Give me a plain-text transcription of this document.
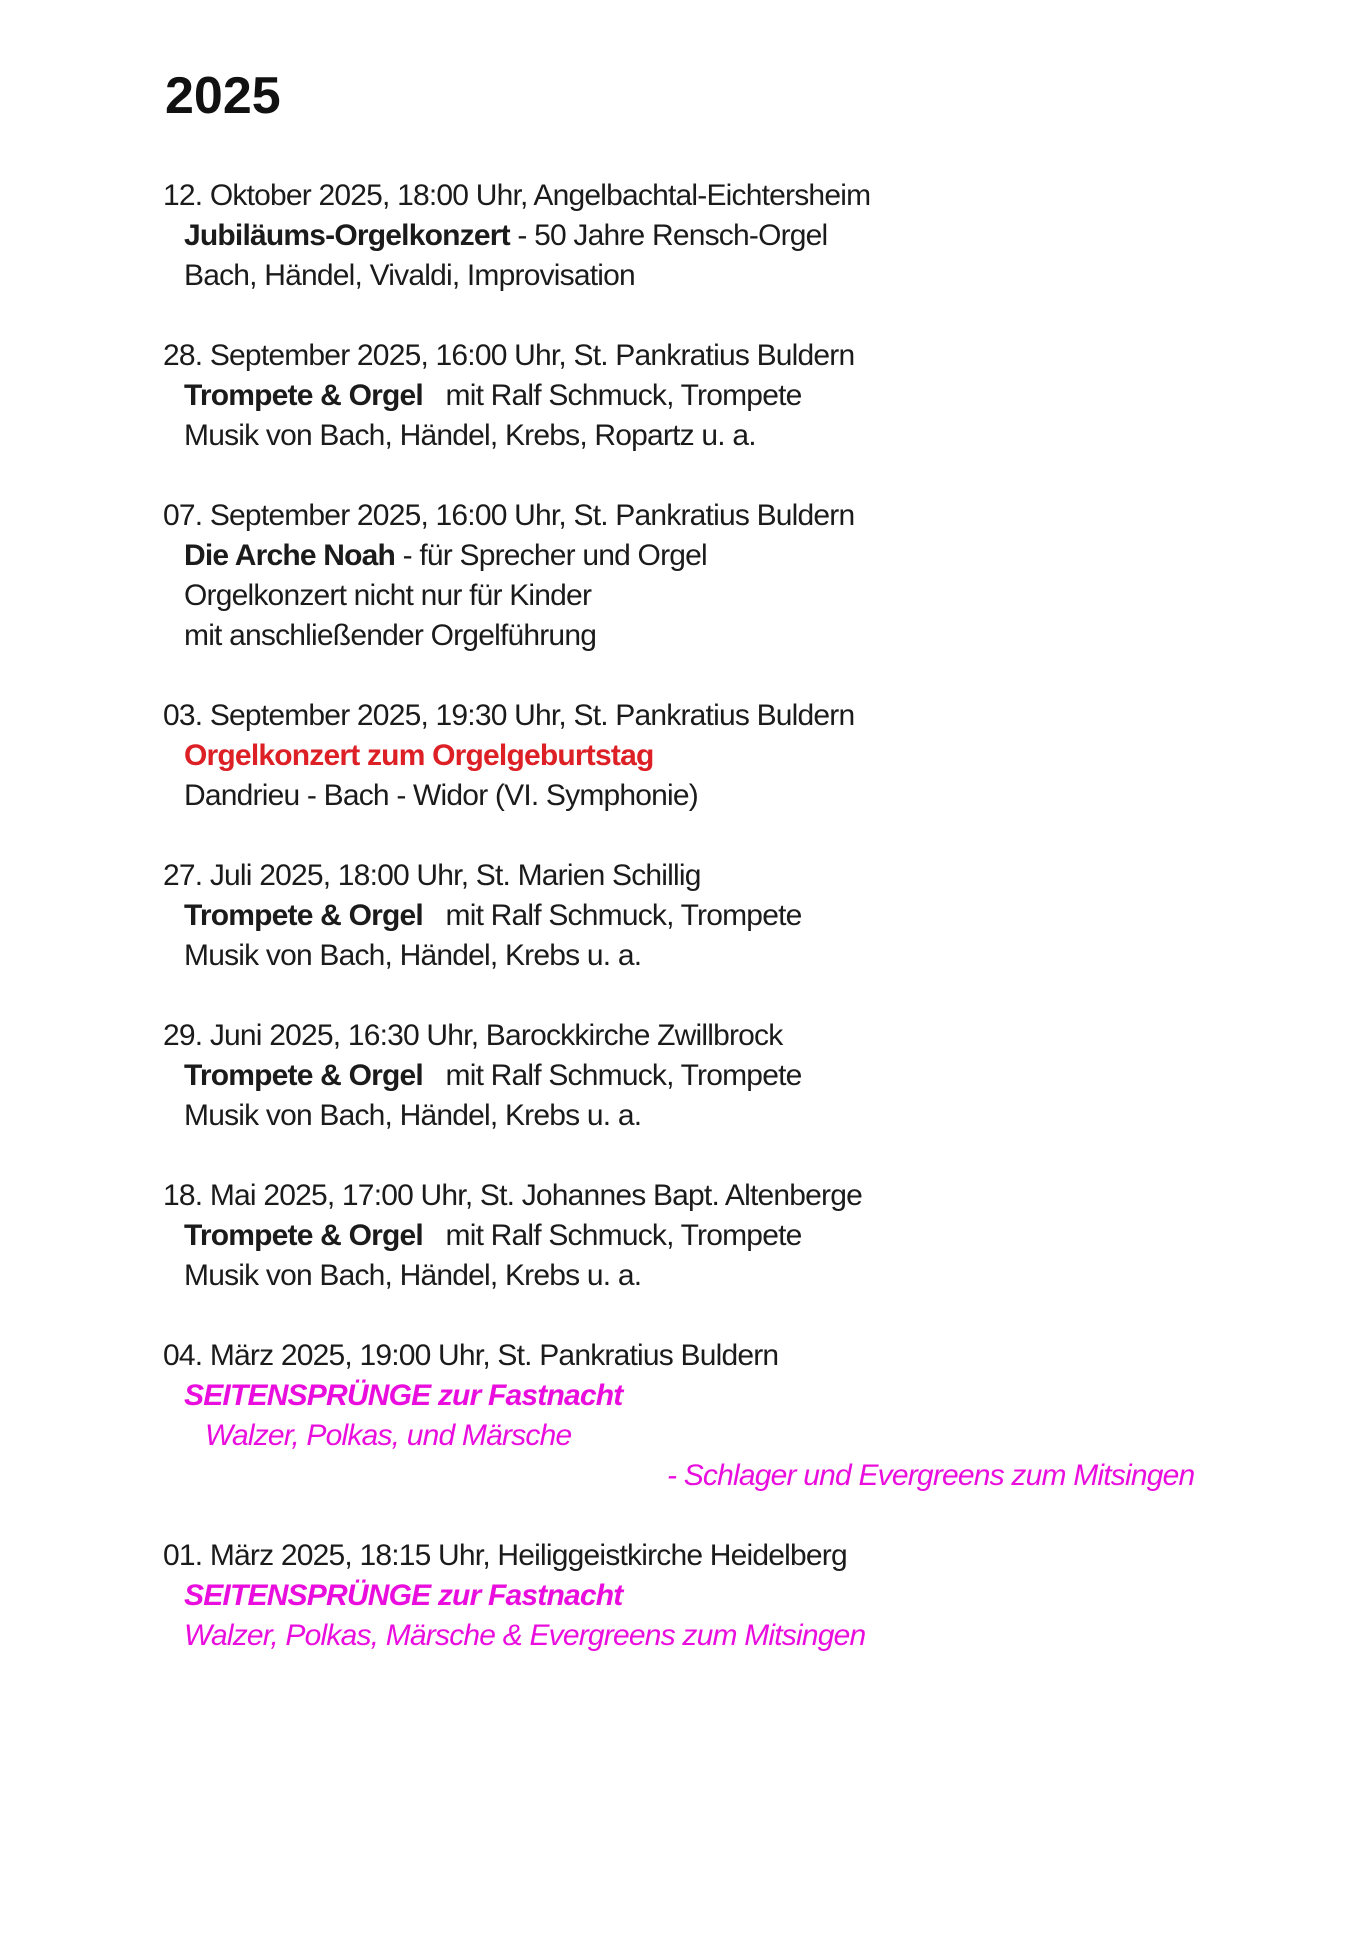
2025
12. Oktober 2025, 18:00 Uhr, Angelbachtal-Eichtersheim
Jubiläums-Orgelkonzert - 50 Jahre Rensch-Orgel
Bach, Händel, Vivaldi, Improvisation
28. September 2025, 16:00 Uhr, St. Pankratius Buldern
Trompete & Orgel   mit Ralf Schmuck, Trompete
Musik von Bach, Händel, Krebs, Ropartz u. a.
07. September 2025, 16:00 Uhr, St. Pankratius Buldern
Die Arche Noah - für Sprecher und Orgel
Orgelkonzert nicht nur für Kinder
mit anschließender Orgelführung
03. September 2025, 19:30 Uhr, St. Pankratius Buldern
Orgelkonzert zum Orgelgeburtstag
Dandrieu - Bach - Widor (VI. Symphonie)
27. Juli 2025, 18:00 Uhr, St. Marien Schillig
Trompete & Orgel   mit Ralf Schmuck, Trompete
Musik von Bach, Händel, Krebs u. a.
29. Juni 2025, 16:30 Uhr, Barockkirche Zwillbrock
Trompete & Orgel   mit Ralf Schmuck, Trompete
Musik von Bach, Händel, Krebs u. a.
18. Mai 2025, 17:00 Uhr, St. Johannes Bapt. Altenberge
Trompete & Orgel   mit Ralf Schmuck, Trompete
Musik von Bach, Händel, Krebs u. a.
04. März 2025, 19:00 Uhr, St. Pankratius Buldern
SEITENSPRÜNGE zur Fastnacht
Walzer, Polkas, und Märsche
- Schlager und Evergreens zum Mitsingen
01. März 2025, 18:15 Uhr, Heiliggeistkirche Heidelberg
SEITENSPRÜNGE zur Fastnacht
Walzer, Polkas, Märsche & Evergreens zum Mitsingen
